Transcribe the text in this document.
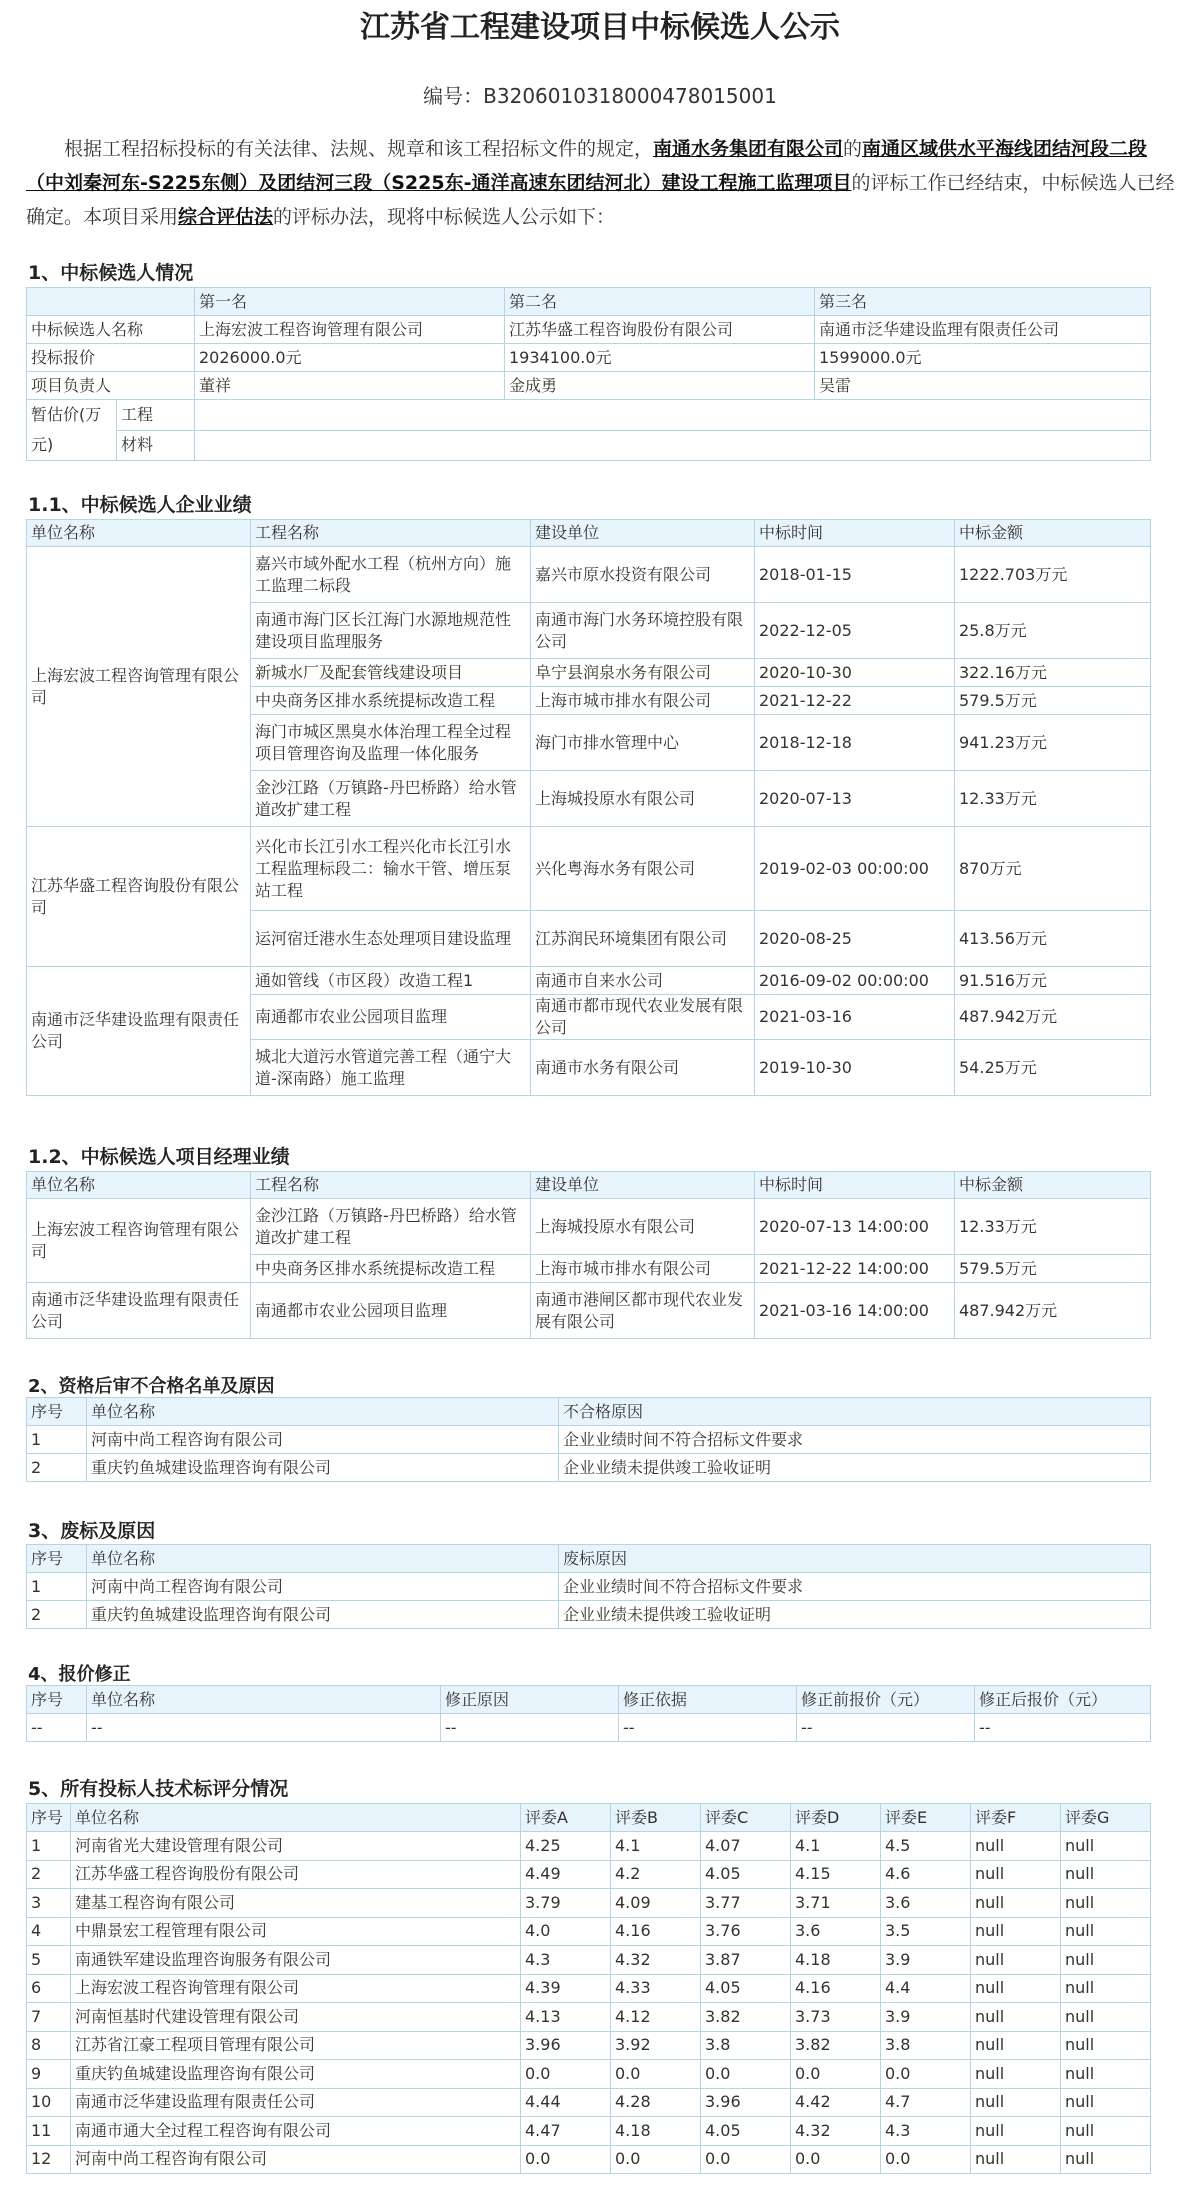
江苏省工程建设项目中标候选人公示
编号：B32060103180004780150​01
根据工程招标投标的有关法律、法规、规章和该工程招标文件的规定，南通水务集团有限公司的南通区域供水平海线团结河段二段（中刘秦河东-S225东侧）及团结河三段（S225东-通洋高速东团结河北）建设工程施工监理项目的评标工作已经结束，中标候选人已经确定。本项目采用综合评估法的评标办法，现将中标候选人公示如下：
1、中标候选人情况
		第一名	第二名	第三名
中标候选人名称		上海宏波工程咨询管理有限公司	江苏华盛工程咨询股份有限公司	南通市泛华建设监理有限责任公司
投标报价		2026000.0元	1934100.0元	1599000.0元
项目负责人		董祥	金成勇	吴雷
暂估价(万元)	工程			
	材料			
1.1、中标候选人企业业绩
单位名称	工程名称	建设单位	中标时间	中标金额
上海宏波工程咨询管理有限公司	嘉兴市域外配水工程（杭州方向）施工监理二标段	嘉兴市原水投资有限公司	2018-01-15	1222.703万元
	南通市海门区长江海门水源地规范性建设项目监理服务	南通市海门水务环境控股有限公司	2022-12-05	25.8万元
	新城水厂及配套管线建设项目	阜宁县润泉水务有限公司	2020-10-30	322.16万元
	中央商务区排水系统提标改造工程	上海市城市排水有限公司	2021-12-22	579.5万元
	海门市城区黑臭水体治理工程全过程项目管理咨询及监理一体化服务	海门市排水管理中心	2018-12-18	941.23万元
	金沙江路（万镇路-丹巴桥路）给水管道改扩建工程	上海城投原水有限公司	2020-07-13	12.33万元
江苏华盛工程咨询股份有限公司	兴化市长江引水工程兴化市长江引水工程监理标段二：输水干管、增压泵站工程	兴化粤海水务有限公司	2019-02-03 00:00:00	870万元
	运河宿迁港水生态处理项目建设监理	江苏润民环境集团有限公司	2020-08-25	413.56万元
南通市泛华建设监理有限责任公司	通如管线（市区段）改造工程1	南通市自来水公司	2016-09-02 00:00:00	91.516万元
	南通都市农业公园项目监理	南通市都市现代农业发展有限公司	2021-03-16	487.942万元
	城北大道污水管道完善工程（通宁大道-深南路）施工监理	南通市水务有限公司	2019-10-30	54.25万元
1.2、中标候选人项目经理业绩
单位名称	工程名称	建设单位	中标时间	中标金额
上海宏波工程咨询管理有限公司	金沙江路（万镇路-丹巴桥路）给水管道改扩建工程	上海城投原水有限公司	2020-07-13 14:00:00	12.33万元
	中央商务区排水系统提标改造工程	上海市城市排水有限公司	2021-12-22 14:00:00	579.5万元
南通市泛华建设监理有限责任公司	南通都市农业公园项目监理	南通市港闸区都市现代农业发展有限公司	2021-03-16 14:00:00	487.942万元
2、资格后审不合格名单及原因
序号	单位名称	不合格原因
1	河南中尚工程咨询有限公司	企业业绩时间不符合招标文件要求
2	重庆钓鱼城建设监理咨询有限公司	企业业绩未提供竣工验收证明
3、废标及原因
序号	单位名称	废标原因
1	河南中尚工程咨询有限公司	企业业绩时间不符合招标文件要求
2	重庆钓鱼城建设监理咨询有限公司	企业业绩未提供竣工验收证明
4、报价修正
序号	单位名称	修正原因	修正依据	修正前报价（元）	修正后报价（元）
--	--	--	--	--	--
5、所有投标人技术标评分情况
序号	单位名称	评委A	评委B	评委C	评委D	评委E	评委F	评委G
1	河南省光大建设管理有限公司	4.25	4.1	4.07	4.1	4.5	null	null
2	江苏华盛工程咨询股份有限公司	4.49	4.2	4.05	4.15	4.6	null	null
3	建基工程咨询有限公司	3.79	4.09	3.77	3.71	3.6	null	null
4	中鼎景宏工程管理有限公司	4.0	4.16	3.76	3.6	3.5	null	null
5	南通铁军建设监理咨询服务有限公司	4.3	4.32	3.87	4.18	3.9	null	null
6	上海宏波工程咨询管理有限公司	4.39	4.33	4.05	4.16	4.4	null	null
7	河南恒基时代建设管理有限公司	4.13	4.12	3.82	3.73	3.9	null	null
8	江苏省江豪工程项目管理有限公司	3.96	3.92	3.8	3.82	3.8	null	null
9	重庆钓鱼城建设监理咨询有限公司	0.0	0.0	0.0	0.0	0.0	null	null
10	南通市泛华建设监理有限责任公司	4.44	4.28	3.96	4.42	4.7	null	null
11	南通市通大全过程工程咨询有限公司	4.47	4.18	4.05	4.32	4.3	null	null
12	河南中尚工程咨询有限公司	0.0	0.0	0.0	0.0	0.0	null	null
